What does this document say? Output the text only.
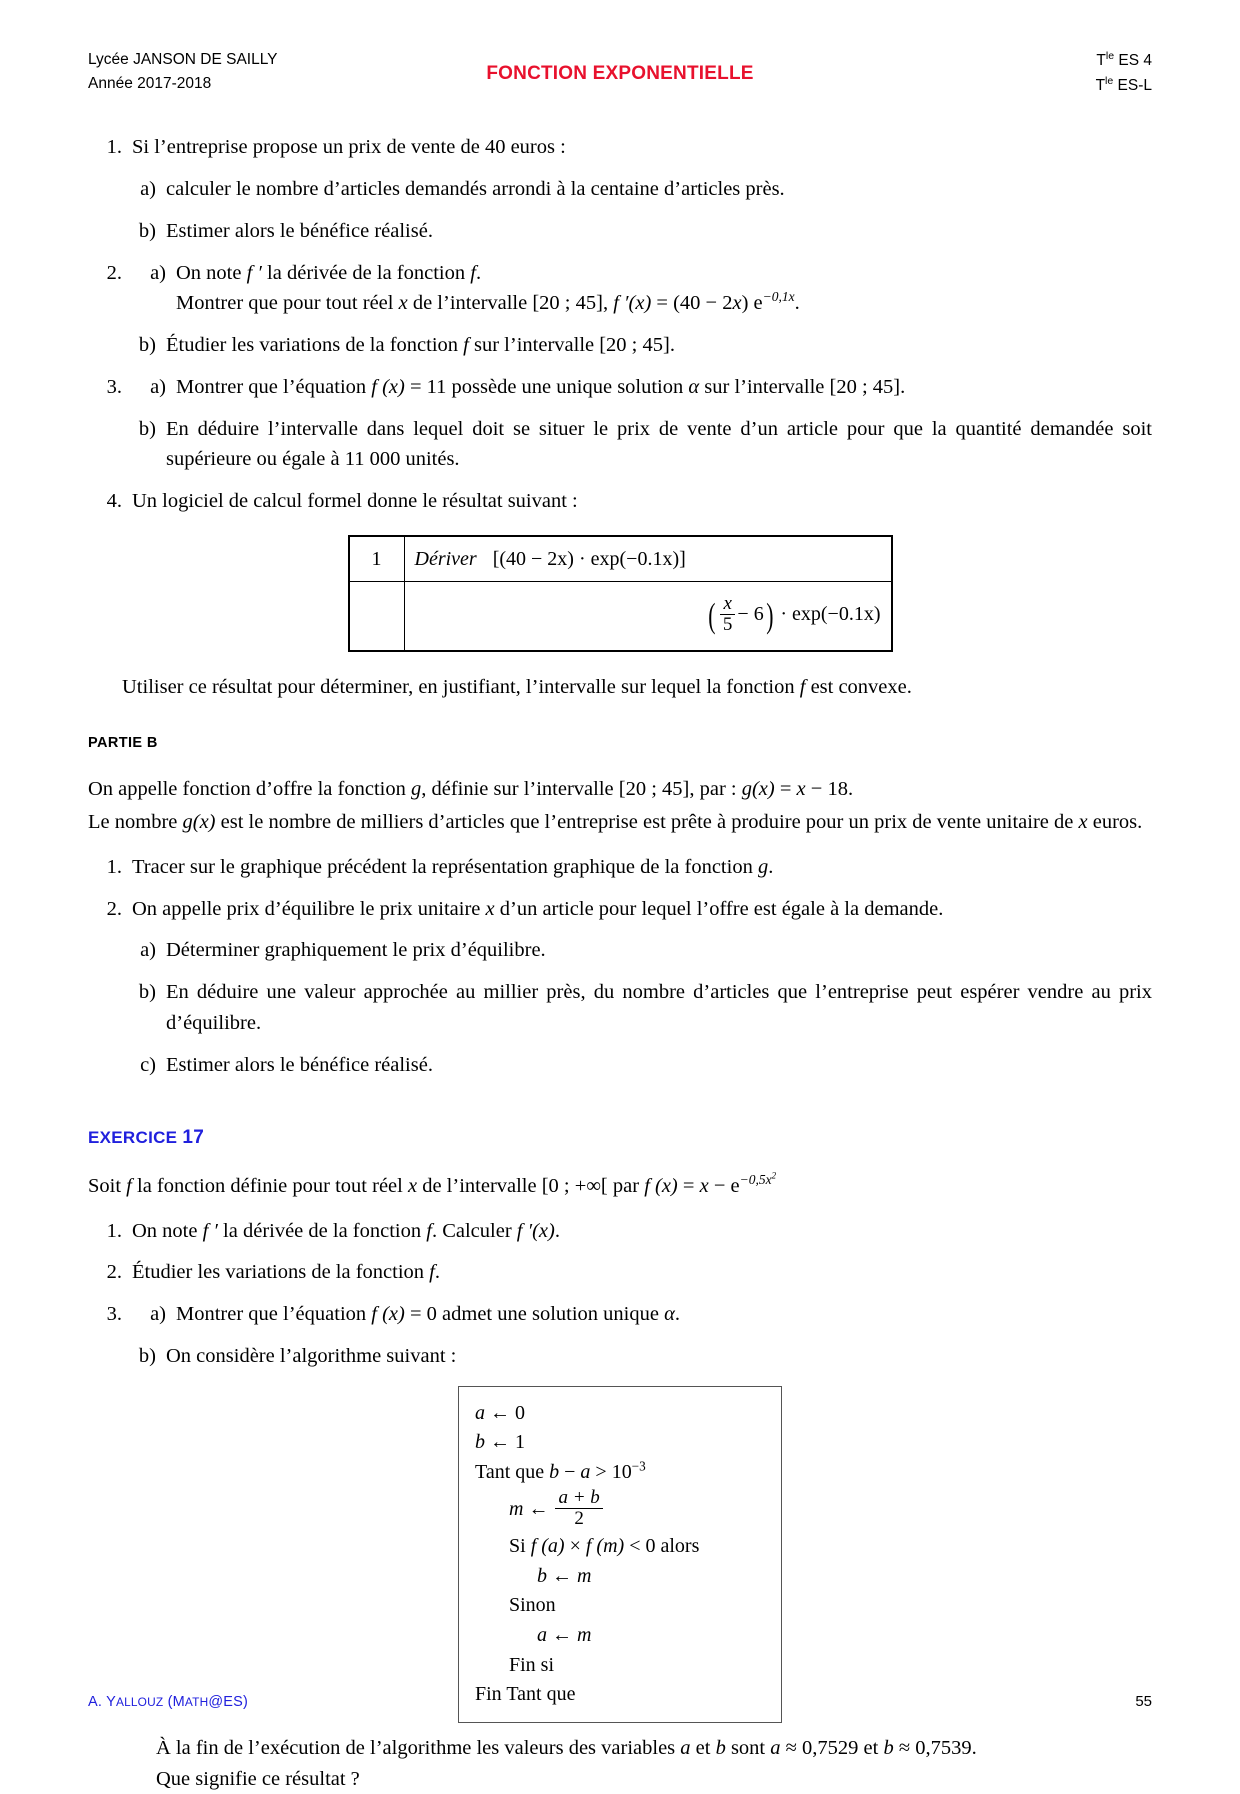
Lycée JANSON DE SAILLY
Année 2017-2018	FONCTION EXPONENTIELLE
$T^{le}$ ES 4
$T^{le}$ ES-L
1. Si l’entreprise propose un prix de vente de 40 euros :
a) calculer le nombre d’articles demandés arrondi à la centaine d’articles près.
b) Estimer alors le bénéfice réalisé.
2.	a) On note f ′ la dérivée de la fonction f.
Montrer que pour tout réel x de l’intervalle [20 ; 45], f ′(x) = (40 − 2x) $e^{-0,1x}$.
b) Étudier les variations de la fonction f sur l’intervalle [20 ; 45].
3.	a) Montrer que l’équation f (x) = 11 possède une unique solution α sur l’intervalle [20 ; 45].
b) En déduire l’intervalle dans lequel doit se situer le prix de vente d’un article pour que la quantité demandée soit supérieure ou égale à 11 000 unités.
4. Un logiciel de calcul formel donne le résultat suivant :
1	Dériver [(40 − 2x) · exp(−0.1x)]
	( $\frac{x}{5} - 6) \cdot \exp(-0.1x)$
Utiliser ce résultat pour déterminer, en justifiant, l’intervalle sur lequel la fonction f est convexe.
PARTIE B
On appelle fonction d’offre la fonction g, définie sur l’intervalle [20 ; 45], par : g(x) = x − 18.
Le nombre g(x) est le nombre de milliers d’articles que l’entreprise est prête à produire pour un prix de vente unitaire de x euros.
1. Tracer sur le graphique précédent la représentation graphique de la fonction g.
2. On appelle prix d’équilibre le prix unitaire x d’un article pour lequel l’offre est égale à la demande.
a) Déterminer graphiquement le prix d’équilibre.
b) En déduire une valeur approchée au millier près, du nombre d’articles que l’entreprise peut espérer vendre au prix d’équilibre.
c) Estimer alors le bénéfice réalisé.
EXERCICE 17
Soit f la fonction définie pour tout réel x de l’intervalle [0 ; +∞[ par f $(x) = x - e^{-0,5x^2}$
1. On note f ′ la dérivée de la fonction f. Calculer f ′(x).
2. Étudier les variations de la fonction f.
3.	a) Montrer que l’équation f (x) = 0 admet une solution unique α.
b) On considère l’algorithme suivant :
a ← 0
b ← 1
Tant que $b - a > 10^{-3}$
m
←
$\frac{a + b}{2}$
Si f (a) × f (m) < 0 alors
b ← m
Sinon
a ← m
Fin si
Fin Tant que
À la fin de l’exécution de l’algorithme les valeurs des variables a et b sont a ≈ 0,7529 et b ≈ 0,7539.
Que signifie ce résultat ?
A. YALLOUZ (MATH@ES)	55
